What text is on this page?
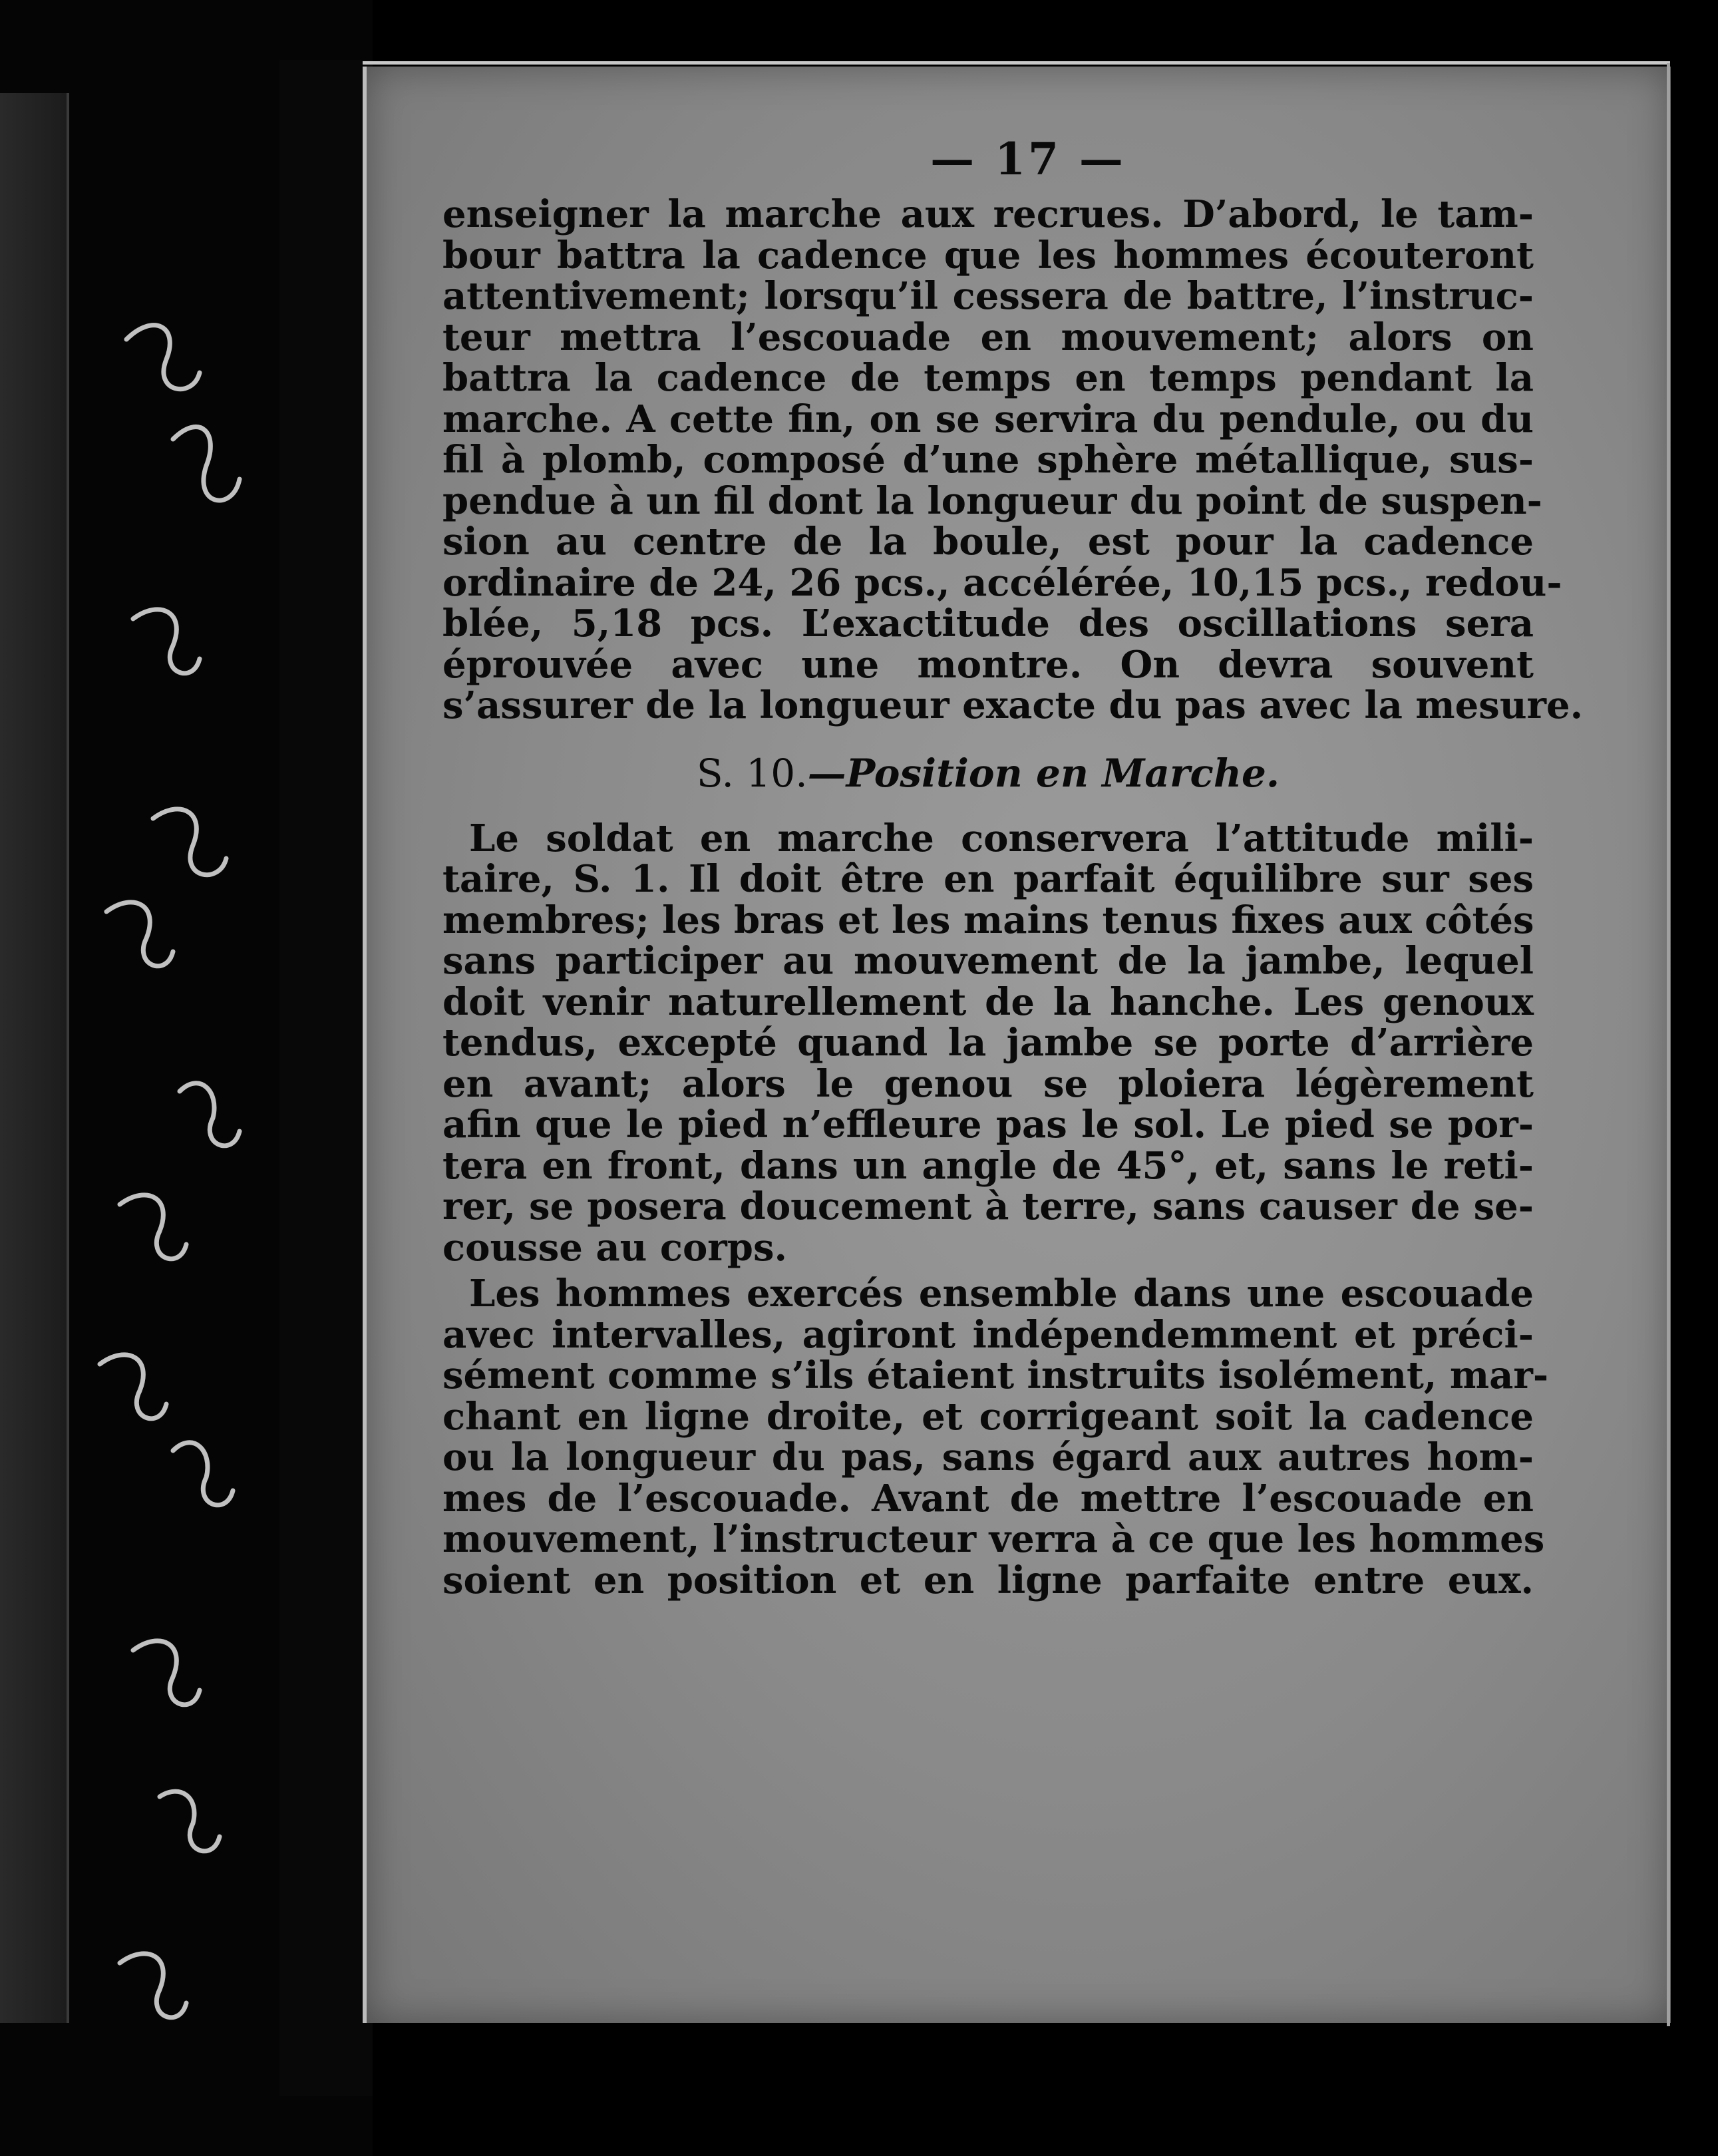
— 17 —
enseigner la marche aux recrues. D’abord, le tam-
bour battra la cadence que les hommes écouteront
attentivement; lorsqu’il cessera de battre, l’instruc-
teur mettra l’escouade en mouvement; alors on
battra la cadence de temps en temps pendant la
marche. A cette fin, on se servira du pendule, ou du
fil à plomb, composé d’une sphère métallique, sus-
pendue à un fil dont la longueur du point de suspen-
sion au centre de la boule, est pour la cadence
ordinaire de 24, 26 pcs., accélérée, 10,15 pcs., redou-
blée, 5,18 pcs. L’exactitude des oscillations sera
éprouvée avec une montre. On devra souvent
s’assurer de la longueur exacte du pas avec la mesure.
S. 10.—Position en Marche.
Le soldat en marche conservera l’attitude mili-
taire, S. 1. Il doit être en parfait équilibre sur ses
membres; les bras et les mains tenus fixes aux côtés
sans participer au mouvement de la jambe, lequel
doit venir naturellement de la hanche. Les genoux
tendus, excepté quand la jambe se porte d’arrière
en avant; alors le genou se ploiera légèrement
afin que le pied n’effleure pas le sol. Le pied se por-
tera en front, dans un angle de 45°, et, sans le reti-
rer, se posera doucement à terre, sans causer de se-
cousse au corps.
Les hommes exercés ensemble dans une escouade
avec intervalles, agiront indépendemment et préci-
sément comme s’ils étaient instruits isolément, mar-
chant en ligne droite, et corrigeant soit la cadence
ou la longueur du pas, sans égard aux autres hom-
mes de l’escouade. Avant de mettre l’escouade en
mouvement, l’instructeur verra à ce que les hommes
soient en position et en ligne parfaite entre eux.
